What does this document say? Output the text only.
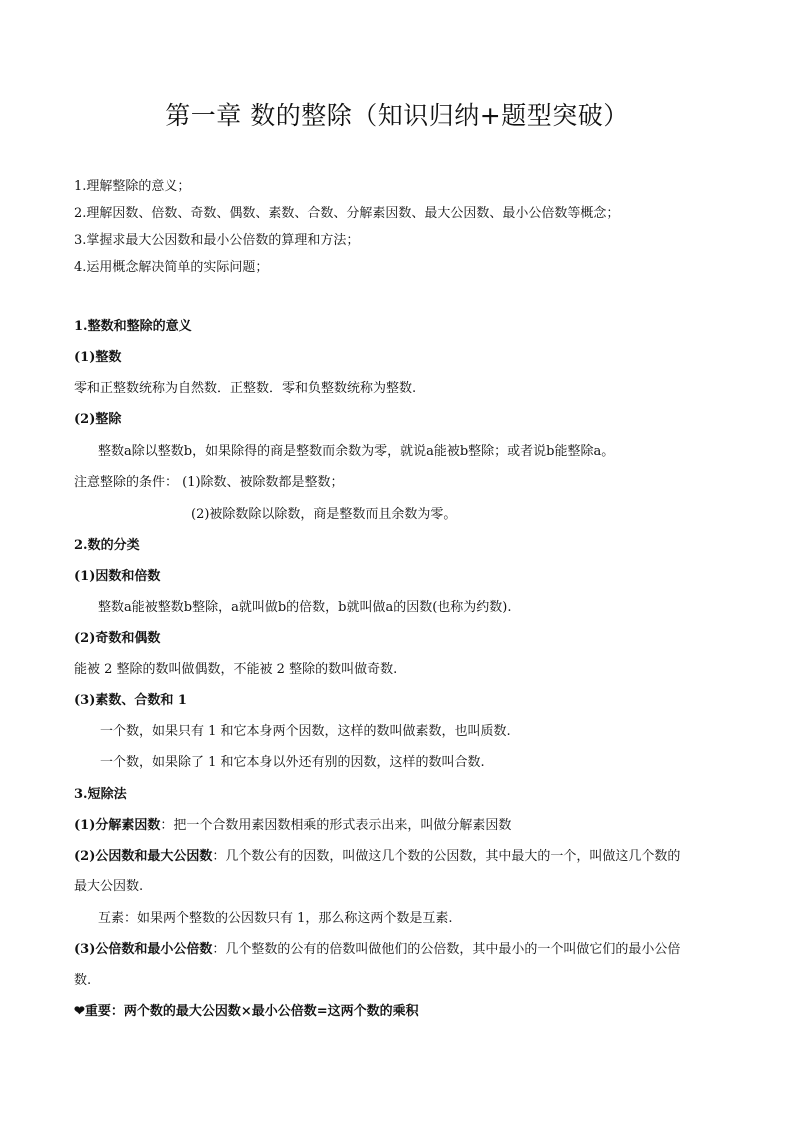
第一章 数的整除（知识归纳+题型突破）
1.理解整除的意义；
2.理解因数、倍数、奇数、偶数、素数、合数、分解素因数、最大公因数、最小公倍数等概念；
3.掌握求最大公因数和最小公倍数的算理和方法；
4.运用概念解决简单的实际问题；
1.整数和整除的意义
(1)整数
零和正整数统称为自然数．正整数．零和负整数统称为整数.
(2)整除
整数a除以整数b，如果除得的商是整数而余数为零，就说a能被b整除；或者说b能整除a。
注意整除的条件： (1)除数、被除数都是整数；
(2)被除数除以除数，商是整数而且余数为零。
2.数的分类
(1)因数和倍数
整数a能被整数b整除，a就叫做b的倍数，b就叫做a的因数(也称为约数).
(2)奇数和偶数
能被 2 整除的数叫做偶数，不能被 2 整除的数叫做奇数.
(3)素数、合数和 1
一个数，如果只有 1 和它本身两个因数，这样的数叫做素数，也叫质数.
一个数，如果除了 1 和它本身以外还有别的因数，这样的数叫合数.
3.短除法
(1)分解素因数：把一个合数用素因数相乘的形式表示出来，叫做分解素因数
(2)公因数和最大公因数：几个数公有的因数，叫做这几个数的公因数，其中最大的一个，叫做这几个数的
最大公因数.
互素：如果两个整数的公因数只有 1，那么称这两个数是互素.
(3)公倍数和最小公倍数：几个整数的公有的倍数叫做他们的公倍数，其中最小的一个叫做它们的最小公倍
数.
❤重要：两个数的最大公因数×最小公倍数=这两个数的乘积
